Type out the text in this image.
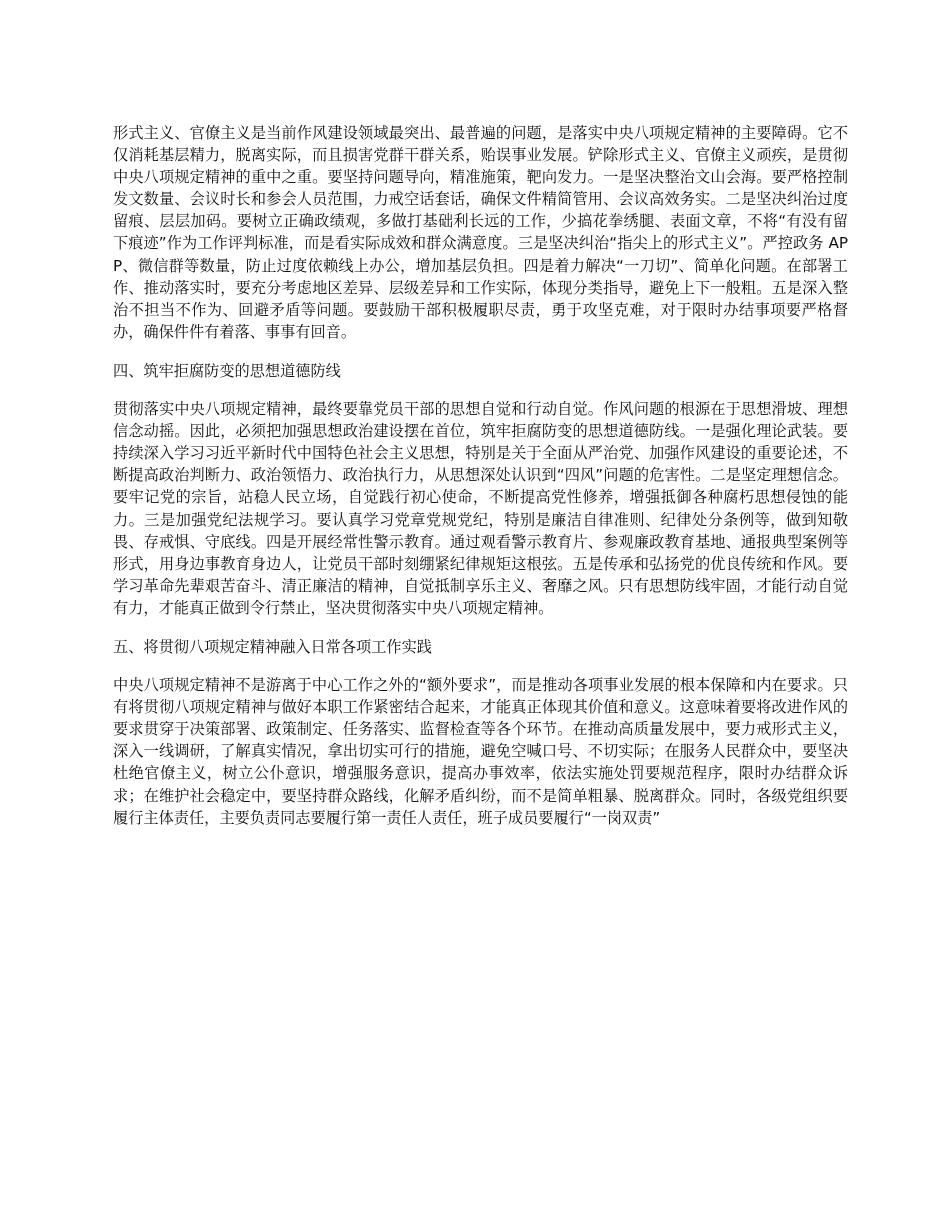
形式主义、官僚主义是当前作风建设领域最突出、最普遍的问题，是落实中央八项规定精神的主要障碍。它不仅消耗基层精力，脱离实际，而且损害党群干群关系，贻误事业发展。铲除形式主义、官僚主义顽疾，是贯彻中央八项规定精神的重中之重。要坚持问题导向，精准施策，靶向发力。一是坚决整治文山会海。要严格控制发文数量、会议时长和参会人员范围，力戒空话套话，确保文件精简管用、会议高效务实。二是坚决纠治过度留痕、层层加码。要树立正确政绩观，多做打基础利长远的工作，少搞花拳绣腿、表面文章，不将“有没有留下痕迹”作为工作评判标准，而是看实际成效和群众满意度。三是坚决纠治“指尖上的形式主义”。严控政务 APP、微信群等数量，防止过度依赖线上办公，增加基层负担。四是着力解决“一刀切”、简单化问题。在部署工作、推动落实时，要充分考虑地区差异、层级差异和工作实际，体现分类指导，避免上下一般粗。五是深入整治不担当不作为、回避矛盾等问题。要鼓励干部积极履职尽责，勇于攻坚克难，对于限时办结事项要严格督办，确保件件有着落、事事有回音。

四、筑牢拒腐防变的思想道德防线

贯彻落实中央八项规定精神，最终要靠党员干部的思想自觉和行动自觉。作风问题的根源在于思想滑坡、理想信念动摇。因此，必须把加强思想政治建设摆在首位，筑牢拒腐防变的思想道德防线。一是强化理论武装。要持续深入学习习近平新时代中国特色社会主义思想，特别是关于全面从严治党、加强作风建设的重要论述，不断提高政治判断力、政治领悟力、政治执行力，从思想深处认识到“四风”问题的危害性。二是坚定理想信念。要牢记党的宗旨，站稳人民立场，自觉践行初心使命，不断提高党性修养，增强抵御各种腐朽思想侵蚀的能力。三是加强党纪法规学习。要认真学习党章党规党纪，特别是廉洁自律准则、纪律处分条例等，做到知敬畏、存戒惧、守底线。四是开展经常性警示教育。通过观看警示教育片、参观廉政教育基地、通报典型案例等形式，用身边事教育身边人，让党员干部时刻绷紧纪律规矩这根弦。五是传承和弘扬党的优良传统和作风。要学习革命先辈艰苦奋斗、清正廉洁的精神，自觉抵制享乐主义、奢靡之风。只有思想防线牢固，才能行动自觉有力，才能真正做到令行禁止，坚决贯彻落实中央八项规定精神。

五、将贯彻八项规定精神融入日常各项工作实践

中央八项规定精神不是游离于中心工作之外的“额外要求”，而是推动各项事业发展的根本保障和内在要求。只有将贯彻八项规定精神与做好本职工作紧密结合起来，才能真正体现其价值和意义。这意味着要将改进作风的要求贯穿于决策部署、政策制定、任务落实、监督检查等各个环节。在推动高质量发展中，要力戒形式主义，深入一线调研，了解真实情况，拿出切实可行的措施，避免空喊口号、不切实际；在服务人民群众中，要坚决杜绝官僚主义，树立公仆意识，增强服务意识，提高办事效率，依法实施处罚要规范程序，限时办结群众诉求；在维护社会稳定中，要坚持群众路线，化解矛盾纠纷，而不是简单粗暴、脱离群众。同时，各级党组织要履行主体责任，主要负责同志要履行第一责任人责任，班子成员要履行“一岗双责”
